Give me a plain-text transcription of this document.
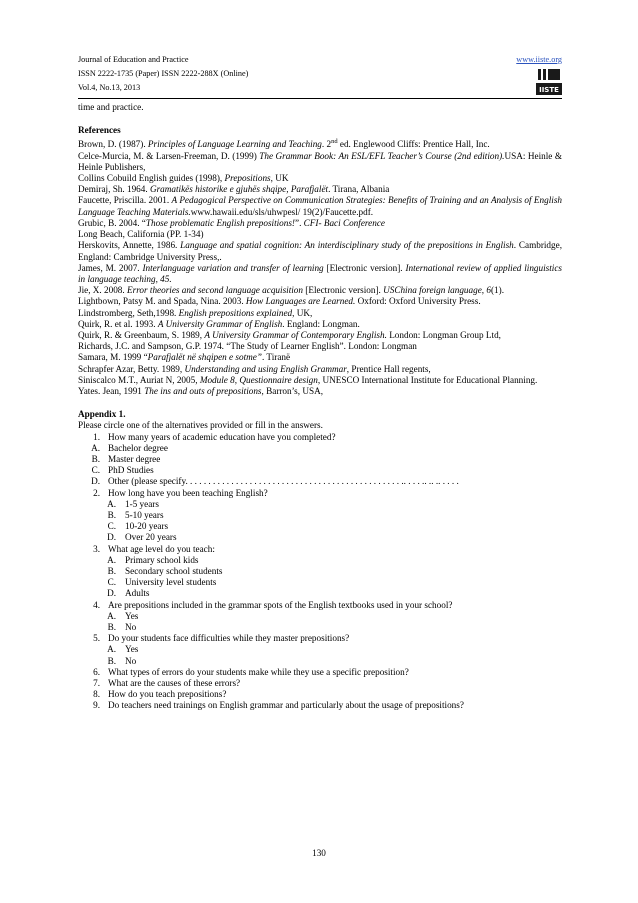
Journal of Education and Practice
ISSN 2222-1735 (Paper) ISSN 2222-288X (Online)
Vol.4, No.13, 2013
www.iiste.org
IISTE

time and practice.

References

Brown, D. (1987). Principles of Language Learning and Teaching. 2nd ed. Englewood Cliffs: Prentice Hall, Inc.

Celce-Murcia, M. & Larsen-Freeman, D. (1999) The Grammar Book: An ESL/EFL Teacher’s Course (2nd edition).USA: Heinle & Heinle Publishers,

Collins Cobuild English guides (1998), Prepositions, UK

Demiraj, Sh. 1964. Gramatikës historike e gjuhës shqipe, Parafjalët. Tirana, Albania

Faucette, Priscilla. 2001. A Pedagogical Perspective on Communication Strategies: Benefits of Training and an Analysis of English Language Teaching Materials.www.hawaii.edu/sls/uhwpesl/ 19(2)/Faucette.pdf.

Grubic, B. 2004. “Those problematic English prepositions!”. CFI- Baci Conference

Long Beach, California (PP. 1-34)

Herskovits, Annette, 1986. Language and spatial cognition: An interdisciplinary study of the prepositions in English. Cambridge, England: Cambridge University Press,.

James, M. 2007. Interlanguage variation and transfer of learning [Electronic version]. International review of applied linguistics in language teaching, 45.

Jie, X. 2008. Error theories and second language acquisition [Electronic version]. USChina foreign language, 6(1).

Lightbown, Patsy M. and Spada, Nina. 2003. How Languages are Learned. Oxford: Oxford University Press.

Lindstromberg, Seth,1998. English prepositions explained, UK,

Quirk, R. et al. 1993. A University Grammar of English. England: Longman.

Quirk, R. & Greenbaum, S. 1989, A University Grammar of Contemporary English. London: Longman Group Ltd,

Richards, J.C. and Sampson, G.P. 1974. “The Study of Learner English”. London: Longman

Samara, M. 1999 “Parafjalët në shqipen e sotme”. Tiranë

Schrapfer Azar, Betty. 1989, Understanding and using English Grammar, Prentice Hall regents,

Siniscalco M.T., Auriat N, 2005, Module 8, Questionnaire design, UNESCO International Institute for Educational Planning.

Yates. Jean, 1991 The ins and outs of prepositions, Barron’s, USA,

Appendix 1.

Please circle one of the alternatives provided or fill in the answers.

1. How many years of academic education have you completed?
A. Bachelor degree
B. Master degree
C. PhD Studies
D. Other (please specify. . . . . . . . . . . . . . . . . . . . . . . . . . . . . . . . . . . . . . . . . . . . . . . .. . . . .. .. .. . . . .
2. How long have you been teaching English?
A. 1-5 years
B. 5-10 years
C. 10-20 years
D. Over 20 years
3. What age level do you teach:
A. Primary school kids
B. Secondary school students
C. University level students
D. Adults
4. Are prepositions included in the grammar spots of the English textbooks used in your school?
A. Yes
B. No
5. Do your students face difficulties while they master prepositions?
A. Yes
B. No
6. What types of errors do your students make while they use a specific preposition?
7. What are the causes of these errors?
8. How do you teach prepositions?
9. Do teachers need trainings on English grammar and particularly about the usage of prepositions?
130
